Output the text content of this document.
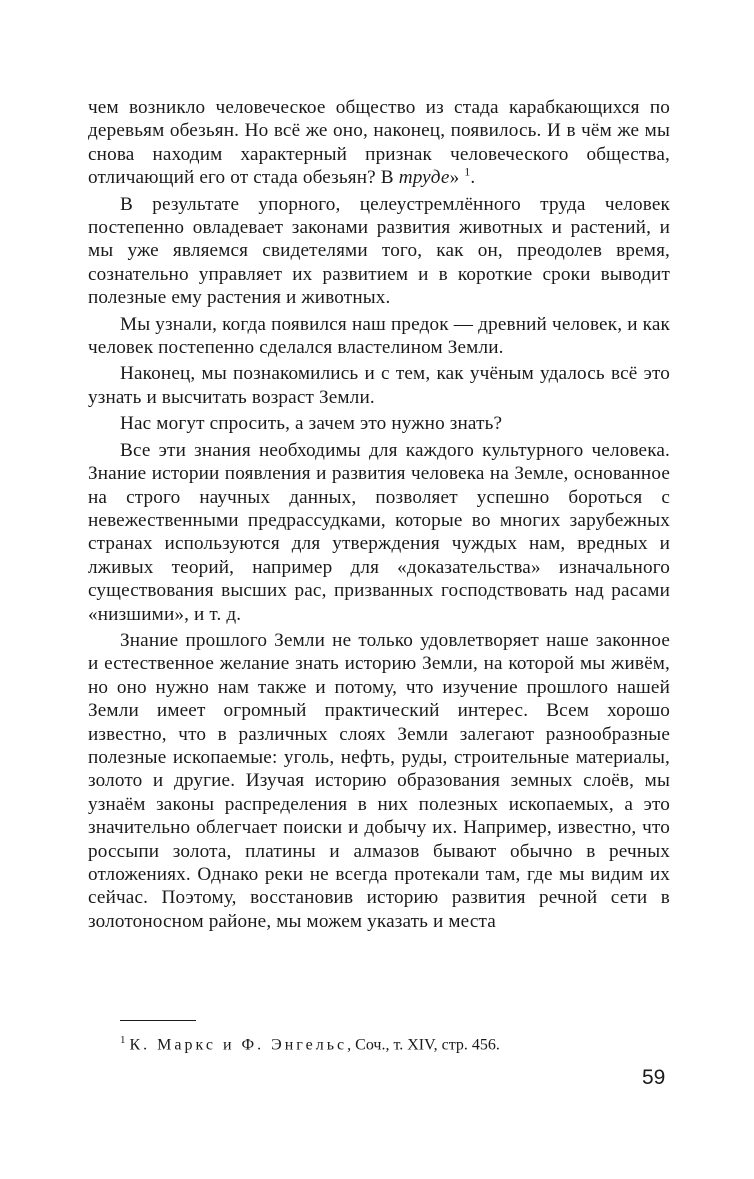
чем возникло человеческое общество из стада карабкающихся по деревьям обезьян. Но всё же оно, наконец, появилось. И в чём же мы снова находим характерный признак человеческого общества, отличающий его от стада обезьян? В труде» $^1$.

В результате упорного, целеустремлённого труда человек постепенно овладевает законами развития животных и растений, и мы уже являемся свидетелями того, как он, преодолев время, сознательно управляет их развитием и в короткие сроки выводит полезные ему растения и животных.

Мы узнали, когда появился наш предок — древний человек, и как человек постепенно сделался властелином Земли.

Наконец, мы познакомились и с тем, как учёным удалось всё это узнать и высчитать возраст Земли.

Нас могут спросить, а зачем это нужно знать?

Все эти знания необходимы для каждого культурного человека. Знание истории появления и развития человека на Земле, основанное на строго научных данных, позволяет успешно бороться с невежественными предрассудками, которые во многих зарубежных странах используются для утверждения чуждых нам, вредных и лживых теорий, например для «доказательства» изначального существования высших рас, призванных господствовать над расами «низшими», и т. д.

Знание прошлого Земли не только удовлетворяет наше законное и естественное желание знать историю Земли, на которой мы живём, но оно нужно нам также и потому, что изучение прошлого нашей Земли имеет огромный практический интерес. Всем хорошо известно, что в различных слоях Земли залегают разнообразные полезные ископаемые: уголь, нефть, руды, строительные материалы, золото и другие. Изучая историю образования земных слоёв, мы узнаём законы распределения в них полезных ископаемых, а это значительно облегчает поиски и добычу их. Например, известно, что россыпи золота, платины и алмазов бывают обычно в речных отложениях. Однако реки не всегда протекали там, где мы видим их сейчас. Поэтому, восстановив историю развития речной сети в золотоносном районе, мы можем указать и места

$^1$ К. Маркс и Ф. Энгельс, Соч., т. XIV, стр. 456.
59
